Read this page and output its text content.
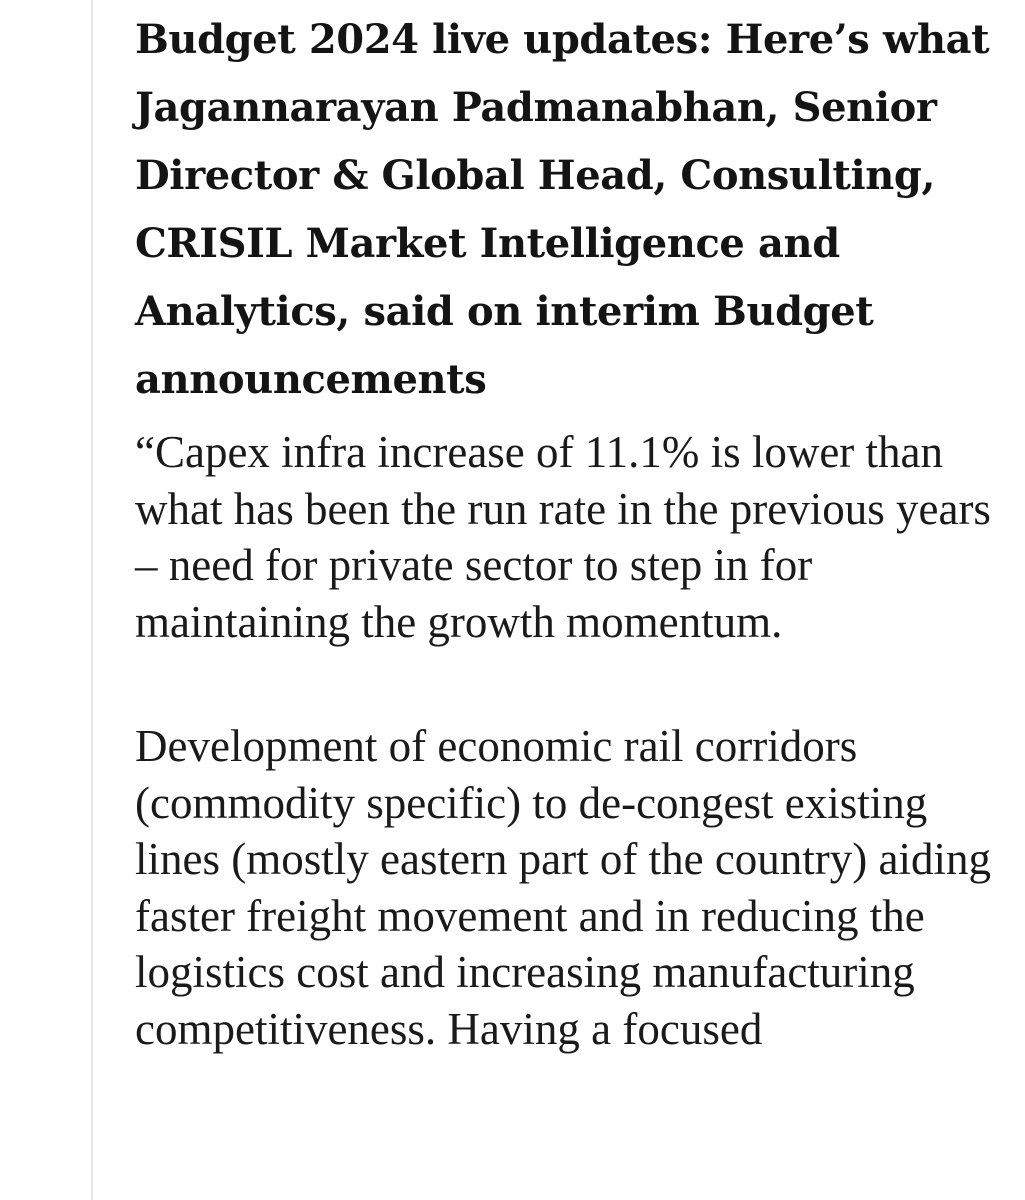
Budget 2024 live updates: Here’s what Jagannarayan Padmanabhan, Senior Director & Global Head, Consulting, CRISIL Market Intelligence and Analytics, said on interim Budget announcements

“Capex infra increase of 11.1% is lower than what has been the run rate in the previous years – need for private sector to step in for maintaining the growth momentum.

Development of economic rail corridors (commodity specific) to de-congest existing lines (mostly eastern part of the country) aiding faster freight movement and in reducing the logistics cost and increasing manufacturing competitiveness. Having a focused
